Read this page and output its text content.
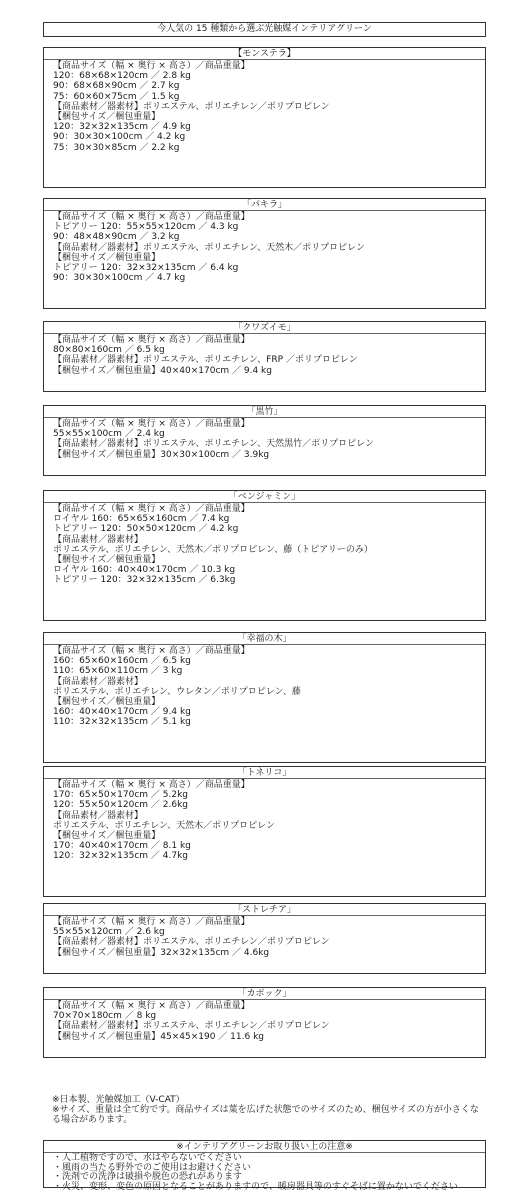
今人気の 15 種類から選ぶ光触媒インテリアグリーン
【モンステラ】
【商品サイズ（幅 × 奥行 × 高さ）／商品重量】
120：68×68×120cm ／ 2.8 kg
90：68×68×90cm ／ 2.7 kg
75：60×60×75cm ／ 1.5 kg
【商品素材／器素材】ポリエステル、ポリエチレン／ポリプロピレン
【梱包サイズ／梱包重量】
120：32×32×135cm ／ 4.9 kg
90：30×30×100cm ／ 4.2 kg
75：30×30×85cm ／ 2.2 kg
「パキラ」
【商品サイズ（幅 × 奥行 × 高さ）／商品重量】
トピアリー 120：55×55×120cm ／ 4.3 kg
90：48×48×90cm ／ 3.2 kg
【商品素材／器素材】ポリエステル、ポリエチレン、天然木／ポリプロピレン
【梱包サイズ／梱包重量】
トピアリー 120：32×32×135cm ／ 6.4 kg
90：30×30×100cm ／ 4.7 kg
「クワズイモ」
【商品サイズ（幅 × 奥行 × 高さ）／商品重量】
80×80×160cm ／ 6.5 kg
【商品素材／器素材】ポリエステル、ポリエチレン、FRP ／ポリプロピレン
【梱包サイズ／梱包重量】40×40×170cm ／ 9.4 kg
「黒竹」
【商品サイズ（幅 × 奥行 × 高さ）／商品重量】
55×55×100cm ／ 2.4 kg
【商品素材／器素材】ポリエステル、ポリエチレン、天然黒竹／ポリプロピレン
【梱包サイズ／梱包重量】30×30×100cm ／ 3.9kg
「ベンジャミン」
【商品サイズ（幅 × 奥行 × 高さ）／商品重量】
ロイヤル 160：65×65×160cm ／ 7.4 kg
トピアリー 120：50×50×120cm ／ 4.2 kg
【商品素材／器素材】
ポリエステル、ポリエチレン、天然木／ポリプロピレン、藤（トピアリーのみ）
【梱包サイズ／梱包重量】
ロイヤル 160：40×40×170cm ／ 10.3 kg
トピアリー 120：32×32×135cm ／ 6.3kg
「幸福の木」
【商品サイズ（幅 × 奥行 × 高さ）／商品重量】
160：65×60×160cm ／ 6.5 kg
110：65×60×110cm ／ 3 kg
【商品素材／器素材】
ポリエステル、ポリエチレン、ウレタン／ポリプロピレン、藤
【梱包サイズ／梱包重量】
160：40×40×170cm ／ 9.4 kg
110：32×32×135cm ／ 5.1 kg
「トネリコ」
【商品サイズ（幅 × 奥行 × 高さ）／商品重量】
170：65×50×170cm ／ 5.2kg
120：55×50×120cm ／ 2.6kg
【商品素材／器素材】
ポリエステル、ポリエチレン、天然木／ポリプロピレン
【梱包サイズ／梱包重量】
170：40×40×170cm ／ 8.1 kg
120：32×32×135cm ／ 4.7kg
「ストレチア」
【商品サイズ（幅 × 奥行 × 高さ）／商品重量】
55×55×120cm ／ 2.6 kg
【商品素材／器素材】ポリエステル、ポリエチレン／ポリプロピレン
【梱包サイズ／梱包重量】32×32×135cm ／ 4.6kg
「カポック」
【商品サイズ（幅 × 奥行 × 高さ）／商品重量】
70×70×180cm ／ 8 kg
【商品素材／器素材】ポリエステル、ポリエチレン／ポリプロピレン
【梱包サイズ／梱包重量】45×45×190 ／ 11.6 kg
※日本製、光触媒加工（V-CAT）
※サイズ、重量は全て約です。商品サイズは葉を広げた状態でのサイズのため、梱包サイズの方が小さくなる場合があります。
※インテリアグリーンお取り扱い上の注意※
・人工植物ですので、水はやらないでください
・風雨の当たる野外でのご使用はお避けください
・洗剤での洗浄は破損や脱色の恐れがあります
・火災、変形、変色の原因となることがありますので、暖房器具等のすぐそばに置かないでください
